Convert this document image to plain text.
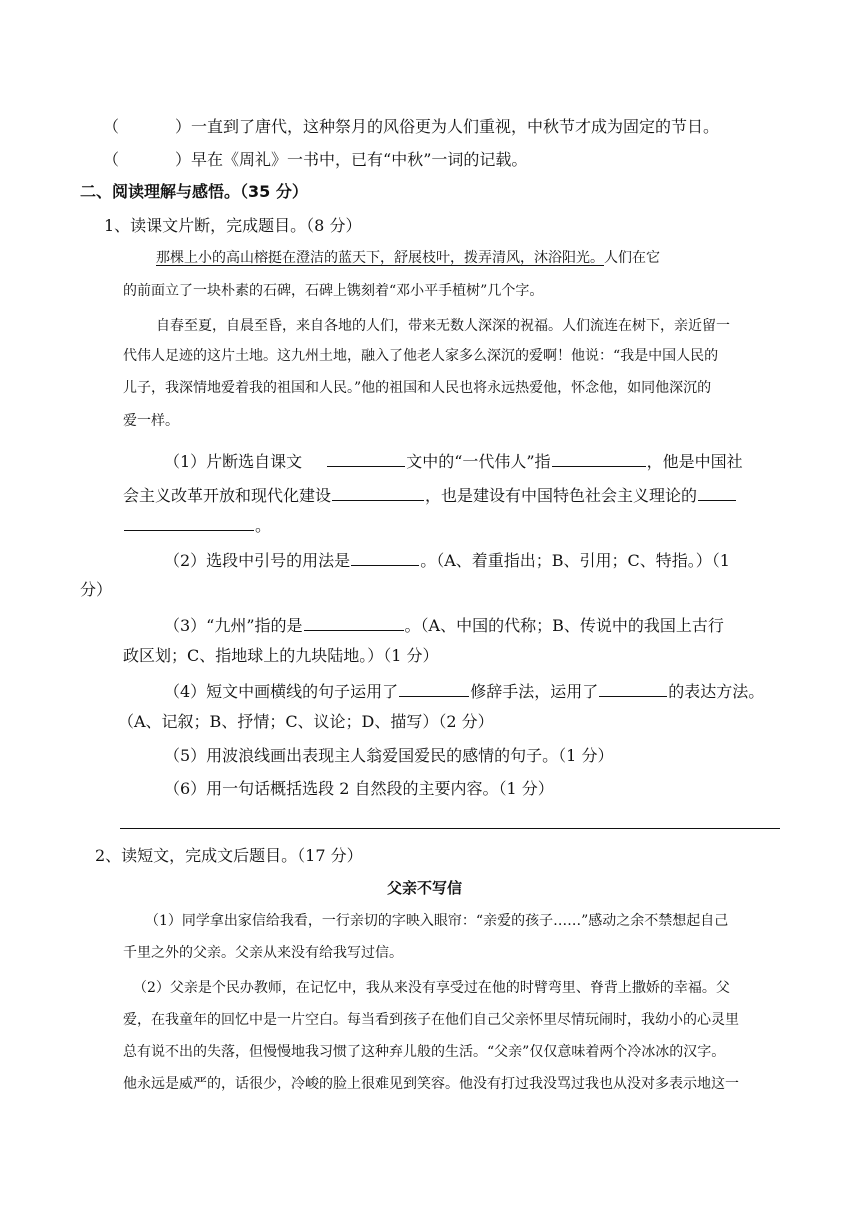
（	）一直到了唐代，这种祭月的风俗更为人们重视，中秋节才成为固定的节日。
（	）早在《周礼》一书中，已有“中秋”一词的记载。
二、阅读理解与感悟。（35 分）
1、读课文片断，完成题目。（8 分）
那棵上小的高山榕挺在澄洁的蓝天下，舒展枝叶，拨弄清风，沐浴阳光。人们在它
的前面立了一块朴素的石碑，石碑上镌刻着“邓小平手植树”几个字。
自春至夏，自晨至昏，来自各地的人们，带来无数人深深的祝福。人们流连在树下，亲近留一
代伟人足迹的这片土地。这九州土地，融入了他老人家多么深沉的爱啊！他说：“我是中国人民的
儿子，我深情地爱着我的祖国和人民。”他的祖国和人民也将永远热爱他，怀念他，如同他深沉的
爱一样。
（1）片断选自课文	文中的“一代伟人”指	，他是中国社
会主义改革开放和现代化建设	，也是建设有中国特色社会主义理论的
。
（2）选段中引号的用法是	。（A、着重指出；B、引用；C、特指。）（1
分）
（3）“九州”指的是	。（A、中国的代称；B、传说中的我国上古行
政区划；C、指地球上的九块陆地。）（1 分）
（4）短文中画横线的句子运用了	修辞手法，运用了	的表达方法。
（A、记叙；B、抒情；C、议论；D、描写）（2 分）
（5）用波浪线画出表现主人翁爱国爱民的感情的句子。（1 分）
（6）用一句话概括选段 2 自然段的主要内容。（1 分）
2、读短文，完成文后题目。（17 分）
父亲不写信
（1）同学拿出家信给我看，一行亲切的字映入眼帘：“亲爱的孩子……”感动之余不禁想起自己
千里之外的父亲。父亲从来没有给我写过信。
（2）父亲是个民办教师，在记忆中，我从来没有享受过在他的时臂弯里、脊背上撒娇的幸福。父
爱，在我童年的回忆中是一片空白。每当看到孩子在他们自己父亲怀里尽情玩闹时，我幼小的心灵里
总有说不出的失落，但慢慢地我习惯了这种弃儿般的生活。“父亲”仅仅意味着两个冷冰冰的汉字。
他永远是威严的，话很少，冷峻的脸上很难见到笑容。他没有打过我没骂过我也从没对多表示地这一
